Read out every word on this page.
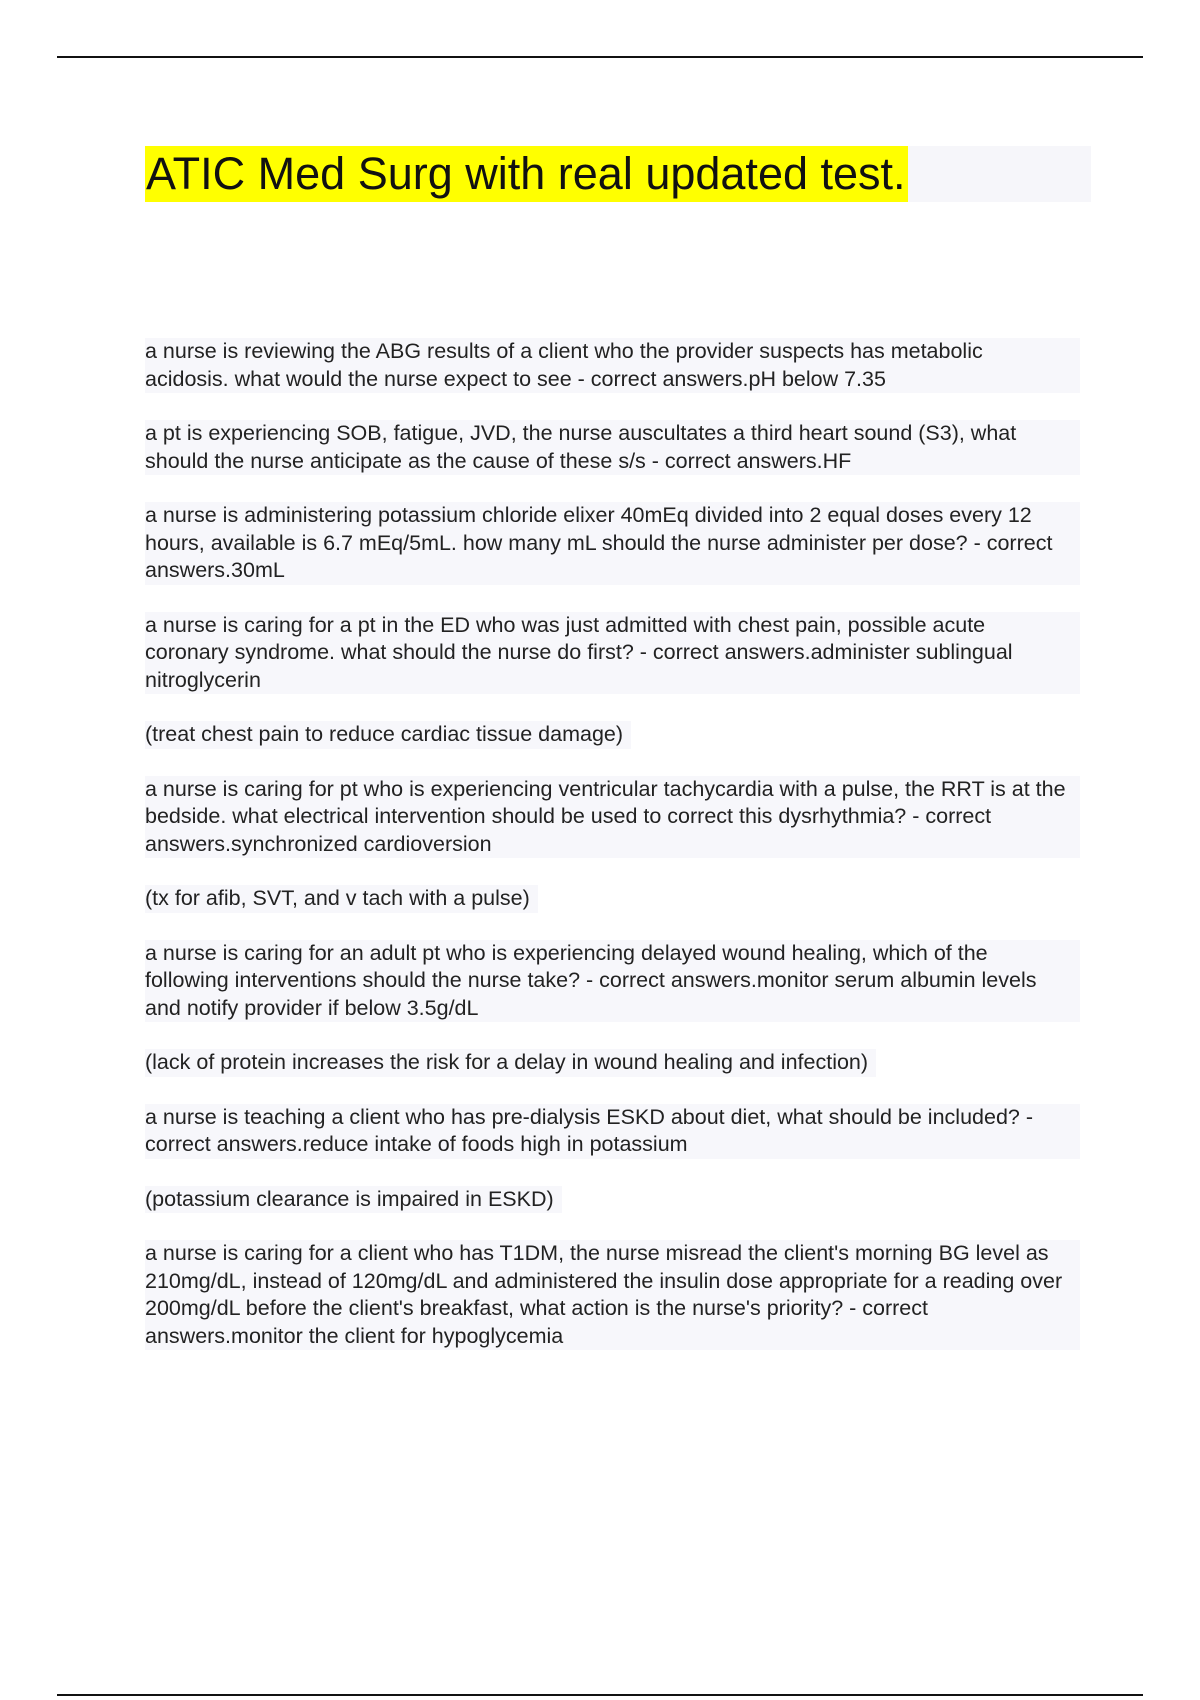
ATIC Med Surg with real updated test.

a nurse is reviewing the ABG results of a client who the provider suspects has metabolic acidosis. what would the nurse expect to see - correct answers.pH below 7.35

a pt is experiencing SOB, fatigue, JVD, the nurse auscultates a third heart sound (S3), what should the nurse anticipate as the cause of these s/s - correct answers.HF

a nurse is administering potassium chloride elixer 40mEq divided into 2 equal doses every 12 hours, available is 6.7 mEq/5mL. how many mL should the nurse administer per dose? - correct answers.30mL

a nurse is caring for a pt in the ED who was just admitted with chest pain, possible acute coronary syndrome. what should the nurse do first? - correct answers.administer sublingual nitroglycerin

(treat chest pain to reduce cardiac tissue damage)

a nurse is caring for pt who is experiencing ventricular tachycardia with a pulse, the RRT is at the bedside. what electrical intervention should be used to correct this dysrhythmia? - correct answers.synchronized cardioversion

(tx for afib, SVT, and v tach with a pulse)

a nurse is caring for an adult pt who is experiencing delayed wound healing, which of the following interventions should the nurse take? - correct answers.monitor serum albumin levels and notify provider if below 3.5g/dL

(lack of protein increases the risk for a delay in wound healing and infection)

a nurse is teaching a client who has pre-dialysis ESKD about diet, what should be included? - correct answers.reduce intake of foods high in potassium

(potassium clearance is impaired in ESKD)

a nurse is caring for a client who has T1DM, the nurse misread the client's morning BG level as 210mg/dL, instead of 120mg/dL and administered the insulin dose appropriate for a reading over 200mg/dL before the client's breakfast, what action is the nurse's priority? - correct answers.monitor the client for hypoglycemia
